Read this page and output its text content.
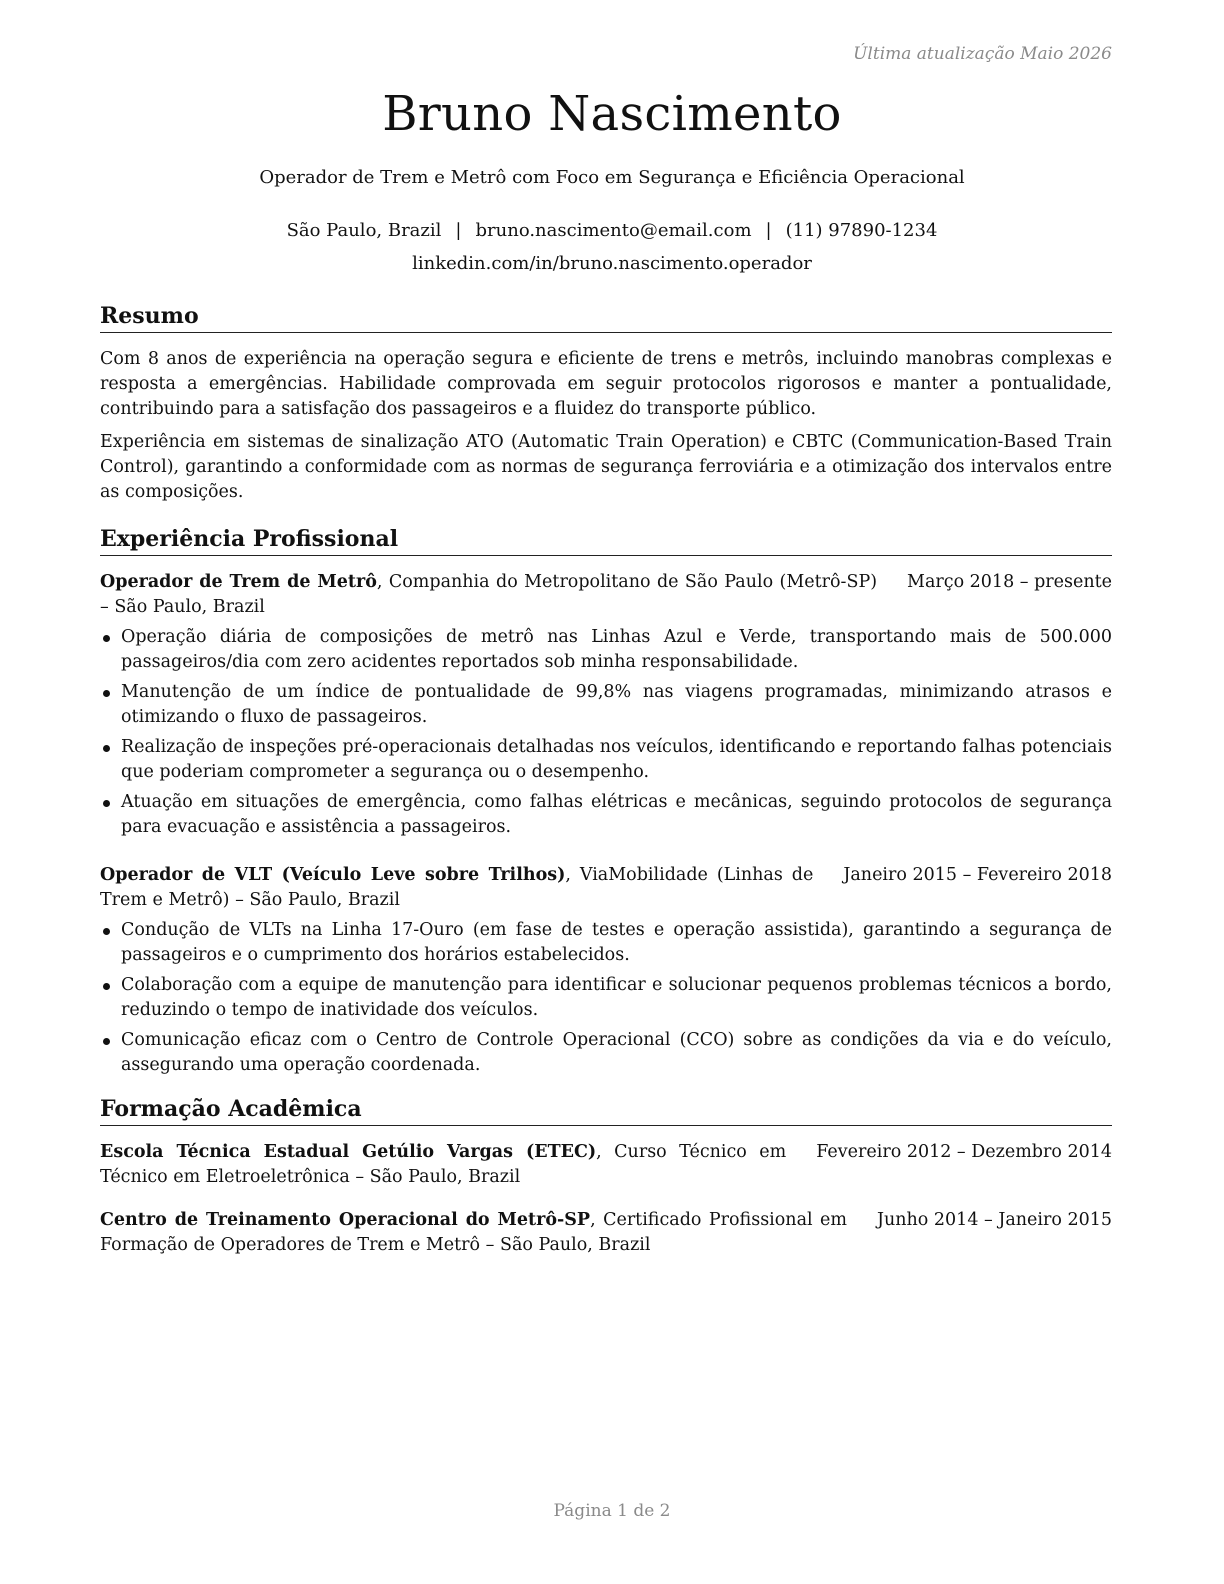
Última atualização Maio 2026
Bruno Nascimento
Operador de Trem e Metrô com Foco em Segurança e Eficiência Operacional
São Paulo, Brazil | bruno.nascimento@email.com | (11) 97890-1234
linkedin.com/in/bruno.nascimento.operador
Resumo

Com 8 anos de experiência na operação segura e eficiente de trens e metrôs, incluindo manobras complexas e resposta a emergências. Habilidade comprovada em seguir protocolos rigorosos e manter a pontualidade, contribuindo para a satisfação dos passageiros e a fluidez do transporte público.

Experiência em sistemas de sinalização ATO (Automatic Train Operation) e CBTC (Communication-Based Train Control), garantindo a conformidade com as normas de segurança ferroviária e a otimização dos intervalos entre as composições.

Experiência Profissional
Março 2018 – presente
Operador de Trem de Metrô, Companhia do Metropolitano de São Paulo (Metrô-SP) – São Paulo, Brazil
Operação diária de composições de metrô nas Linhas Azul e Verde, transportando mais de 500.000 passageiros/dia com zero acidentes reportados sob minha responsabilidade.
Manutenção de um índice de pontualidade de 99,8% nas viagens programadas, minimizando atrasos e otimizando o fluxo de passageiros.
Realização de inspeções pré-operacionais detalhadas nos veículos, identificando e reportando falhas potenciais que poderiam comprometer a segurança ou o desempenho.
Atuação em situações de emergência, como falhas elétricas e mecânicas, seguindo protocolos de segurança para evacuação e assistência a passageiros.
Janeiro 2015 – Fevereiro 2018
Operador de VLT (Veículo Leve sobre Trilhos), ViaMobilidade (Linhas de Trem e Metrô) – São Paulo, Brazil
Condução de VLTs na Linha 17-Ouro (em fase de testes e operação assistida), garantindo a segurança de passageiros e o cumprimento dos horários estabelecidos.
Colaboração com a equipe de manutenção para identificar e solucionar pequenos problemas técnicos a bordo, reduzindo o tempo de inatividade dos veículos.
Comunicação eficaz com o Centro de Controle Operacional (CCO) sobre as condições da via e do veículo, assegurando uma operação coordenada.
Formação Acadêmica
Fevereiro 2012 – Dezembro 2014
Escola Técnica Estadual Getúlio Vargas (ETEC), Curso Técnico em Técnico em Eletroeletrônica – São Paulo, Brazil
Junho 2014 – Janeiro 2015
Centro de Treinamento Operacional do Metrô-SP, Certificado Profissional em Formação de Operadores de Trem e Metrô – São Paulo, Brazil
Página 1 de 2
